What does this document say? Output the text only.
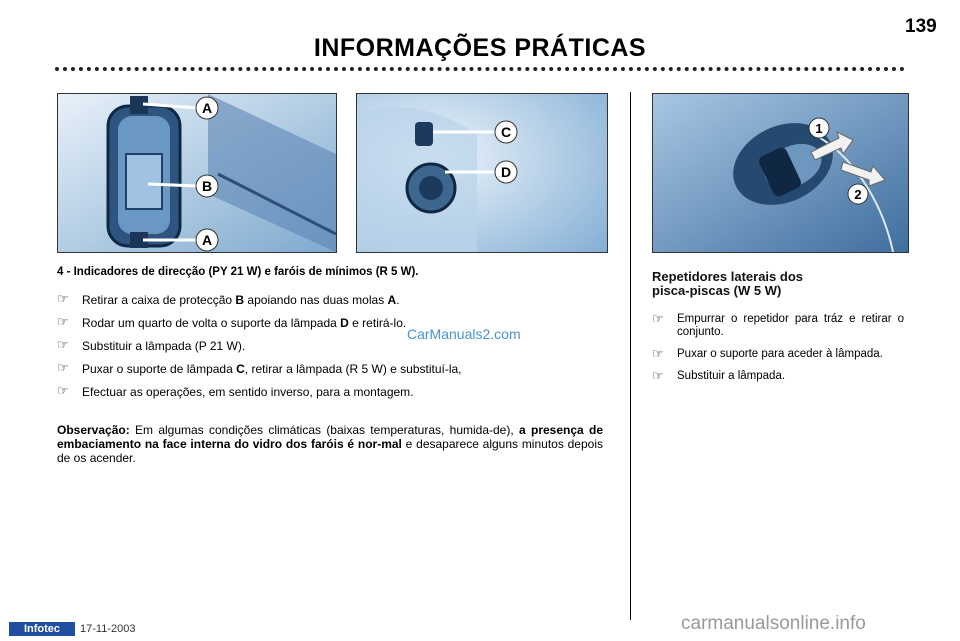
139
INFORMAÇÕES PRÁTICAS
A
B
A
C
D
1
2
4 - Indicadores de direcção (PY 21 W) e faróis de mínimos (R 5 W).
☞ Retirar a caixa de protecção B apoiando nas duas molas A.
☞ Rodar um quarto de volta o suporte da lâmpada D e retirá-lo.
☞ Substituir a lâmpada (P 21 W).
☞ Puxar o suporte de lâmpada C, retirar a lâmpada (R 5 W) e substituí-la,
☞ Efectuar as operações, em sentido inverso, para a montagem.
CarManuals2.com
Observação: Em algumas condições climáticas (baixas temperaturas, humida-de), a presença de embaciamento na face interna do vidro dos faróis é nor-mal e desaparece alguns minutos depois de os acender.
Repetidores laterais dos
pisca-piscas (W 5 W)
☞ Empurrar o repetidor para tráz e retirar o conjunto.
☞ Puxar o suporte para aceder à lâmpada.
☞ Substituir a lâmpada.
Infotec	17-11-2003	carmanualsonline.info
